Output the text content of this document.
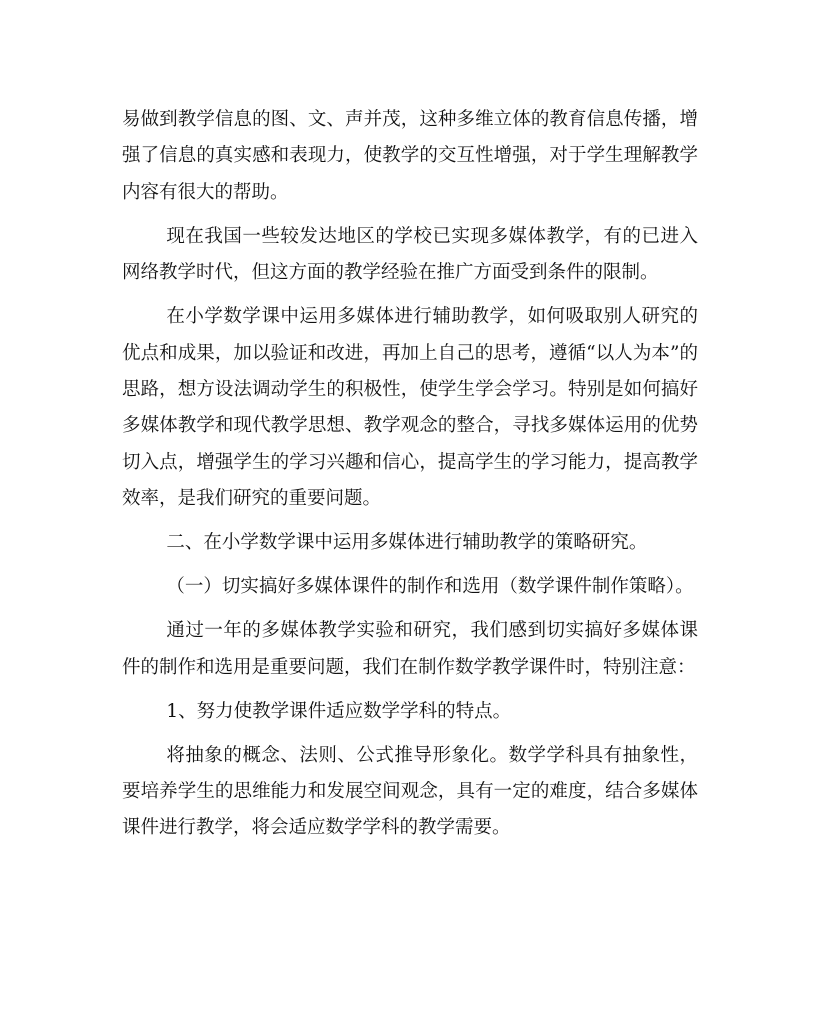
易做到教学信息的图、文、声并茂，这种多维立体的教育信息传播，增强了信息的真实感和表现力，使教学的交互性增强，对于学生理解教学内容有很大的帮助。

现在我国一些较发达地区的学校已实现多媒体教学，有的已进入网络教学时代，但这方面的教学经验在推广方面受到条件的限制。

在小学数学课中运用多媒体进行辅助教学，如何吸取别人研究的优点和成果，加以验证和改进，再加上自己的思考，遵循“以人为本”的思路，想方设法调动学生的积极性，使学生学会学习。特别是如何搞好多媒体教学和现代教学思想、教学观念的整合，寻找多媒体运用的优势切入点，增强学生的学习兴趣和信心，提高学生的学习能力，提高教学效率，是我们研究的重要问题。

二、在小学数学课中运用多媒体进行辅助教学的策略研究。

（一）切实搞好多媒体课件的制作和选用（数学课件制作策略）。

通过一年的多媒体教学实验和研究，我们感到切实搞好多媒体课件的制作和选用是重要问题，我们在制作数学教学课件时，特别注意：

1、努力使教学课件适应数学学科的特点。

将抽象的概念、法则、公式推导形象化。数学学科具有抽象性，要培养学生的思维能力和发展空间观念，具有一定的难度，结合多媒体课件进行教学，将会适应数学学科的教学需要。
